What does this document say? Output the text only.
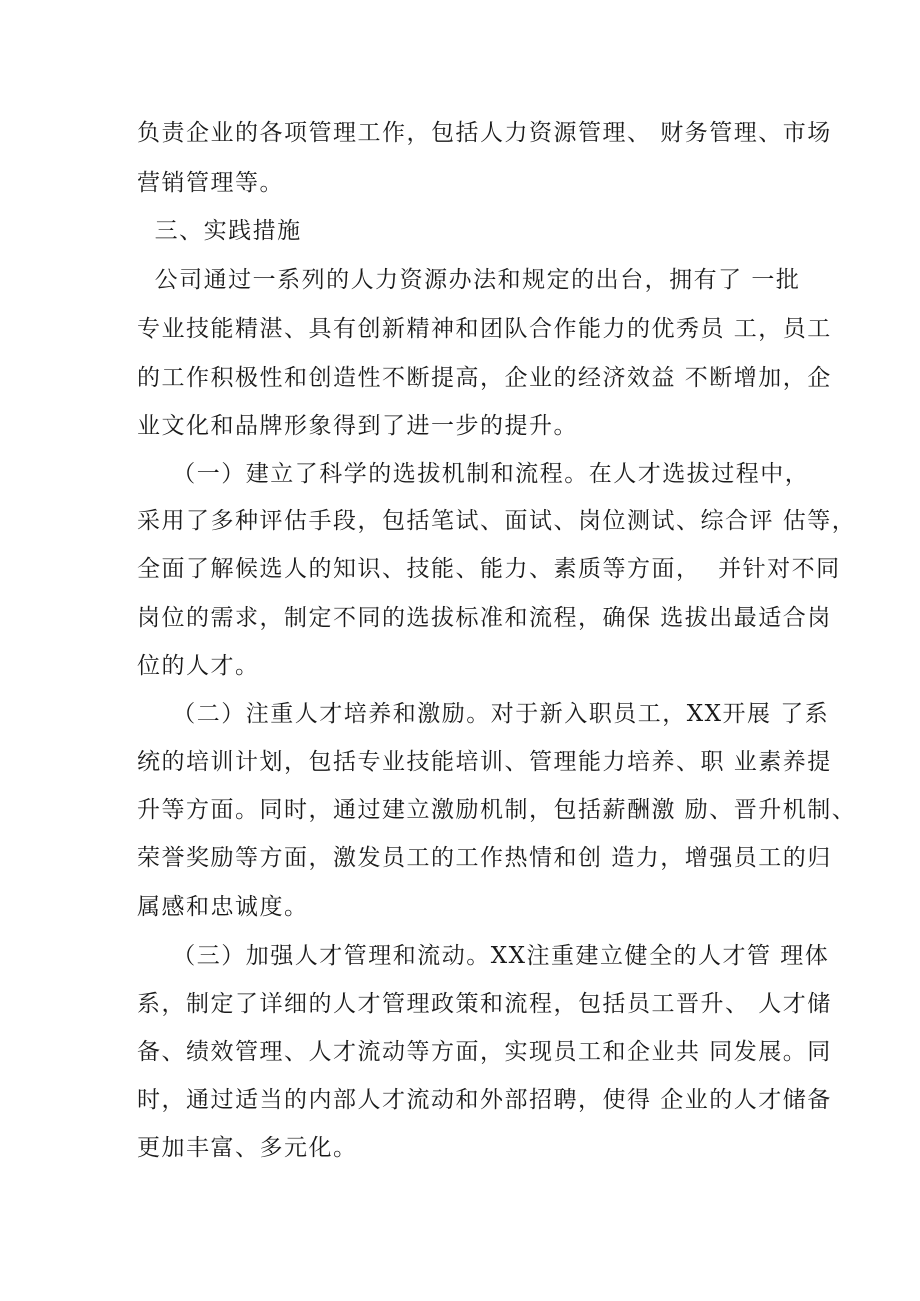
负责企业的各项管理工作，包括人力资源管理、 财务管理、市场
营销管理等。
三、实践措施
公司通过一系列的人力资源办法和规定的出台，拥有了 一批
专业技能精湛、具有创新精神和团队合作能力的优秀员 工，员工
的工作积极性和创造性不断提高，企业的经济效益 不断增加，企
业文化和品牌形象得到了进一步的提升。
（一）建立了科学的选拔机制和流程。在人才选拔过程中，
采用了多种评估手段，包括笔试、面试、岗位测试、综合评 估等，
全面了解候选人的知识、技能、能力、素质等方面，  并针对不同
岗位的需求，制定不同的选拔标准和流程，确保 选拔出最适合岗
位的人才。
（二）注重人才培养和激励。对于新入职员工，XX开展 了系
统的培训计划，包括专业技能培训、管理能力培养、职 业素养提
升等方面。同时，通过建立激励机制，包括薪酬激 励、晋升机制、
荣誉奖励等方面，激发员工的工作热情和创 造力，增强员工的归
属感和忠诚度。
（三）加强人才管理和流动。XX注重建立健全的人才管 理体
系，制定了详细的人才管理政策和流程，包括员工晋升、 人才储
备、绩效管理、人才流动等方面，实现员工和企业共 同发展。同
时，通过适当的内部人才流动和外部招聘，使得 企业的人才储备
更加丰富、多元化。
